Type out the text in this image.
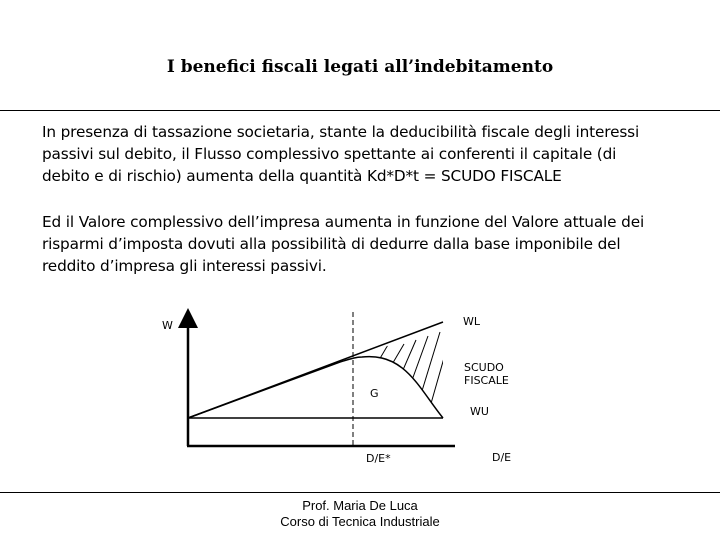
I benefici fiscali legati all’indebitamento
In presenza di tassazione societaria, stante la deducibilità fiscale degli interessi
passivi sul debito, il Flusso complessivo spettante ai conferenti il capitale (di
debito e di rischio) aumenta della quantità Kd*D*t = SCUDO FISCALE
Ed il Valore complessivo dell’impresa aumenta in funzione del Valore attuale dei
risparmi d’imposta dovuti alla possibilità di dedurre dalla base imponibile del
reddito d’impresa gli interessi passivi.
W	WL
SCUDO
FISCALE
G
WU
D/E*	D/E
Prof. Maria De Luca
Corso di Tecnica Industriale
